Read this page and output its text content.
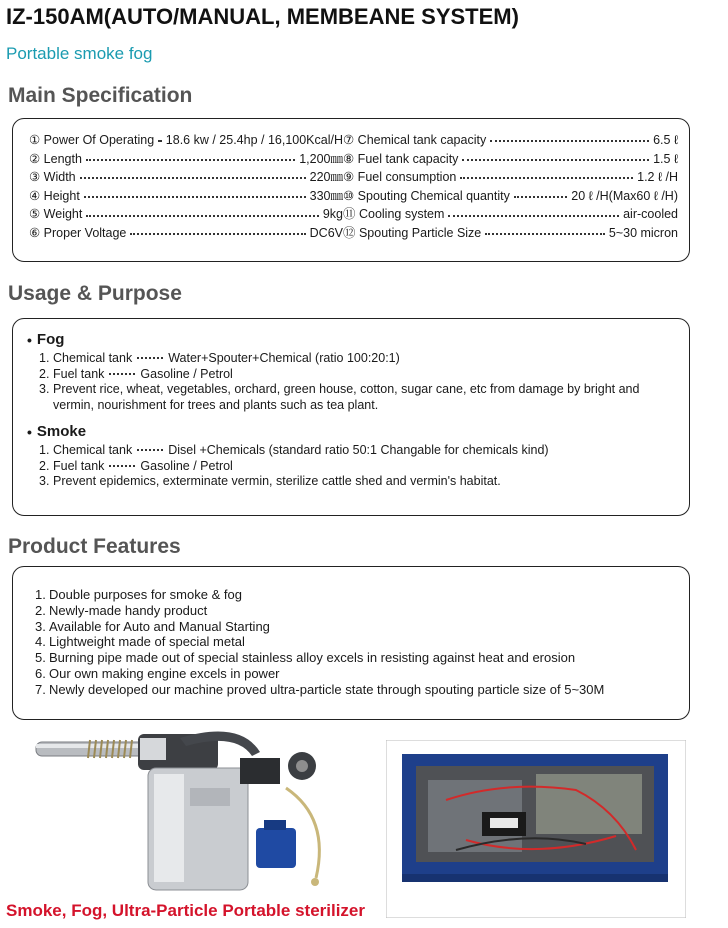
IZ-150AM(AUTO/MANUAL, MEMBEANE SYSTEM)
Portable smoke fog
Main Specification
① Power Of Operating 18.6 kw / 25.4hp / 16,100Kcal/H
② Length	1,200㎜
③ Width	220㎜
④ Height	330㎜
⑤ Weight	9kg
⑥ Proper Voltage	DC6V
⑦ Chemical tank capacity	6.5 ℓ
⑧ Fuel tank capacity	1.5 ℓ
⑨ Fuel consumption	1.2 ℓ /H
⑩ Spouting Chemical quantity	20 ℓ /H(Max60 ℓ /H)
⑪ Cooling system	air-cooled
⑫ Spouting Particle Size	5~30 micron
Usage & Purpose
• Fog
1. Chemical tank	Water+Spouter+Chemical (ratio 100:20:1)
2. Fuel tank	Gasoline / Petrol
3. Prevent rice, wheat, vegetables, orchard, green house, cotton, sugar cane, etc from damage by bright and vermin, nourishment for trees and plants such as tea plant.
• Smoke
1. Chemical tank	Disel +Chemicals (standard ratio 50:1 Changable for chemicals kind)
2. Fuel tank	Gasoline / Petrol
3. Prevent epidemics, exterminate vermin, sterilize cattle shed and vermin's habitat.
Product Features
1. Double purposes for smoke & fog
2. Newly-made handy product
3. Available for Auto and Manual Starting
4. Lightweight made of special metal
5. Burning pipe made out of special stainless alloy excels in resisting against heat and erosion
6. Our own making engine excels in power
7. Newly developed our machine proved ultra-particle state through spouting particle size of 5~30M
Smoke, Fog, Ultra-Particle Portable sterilizer
